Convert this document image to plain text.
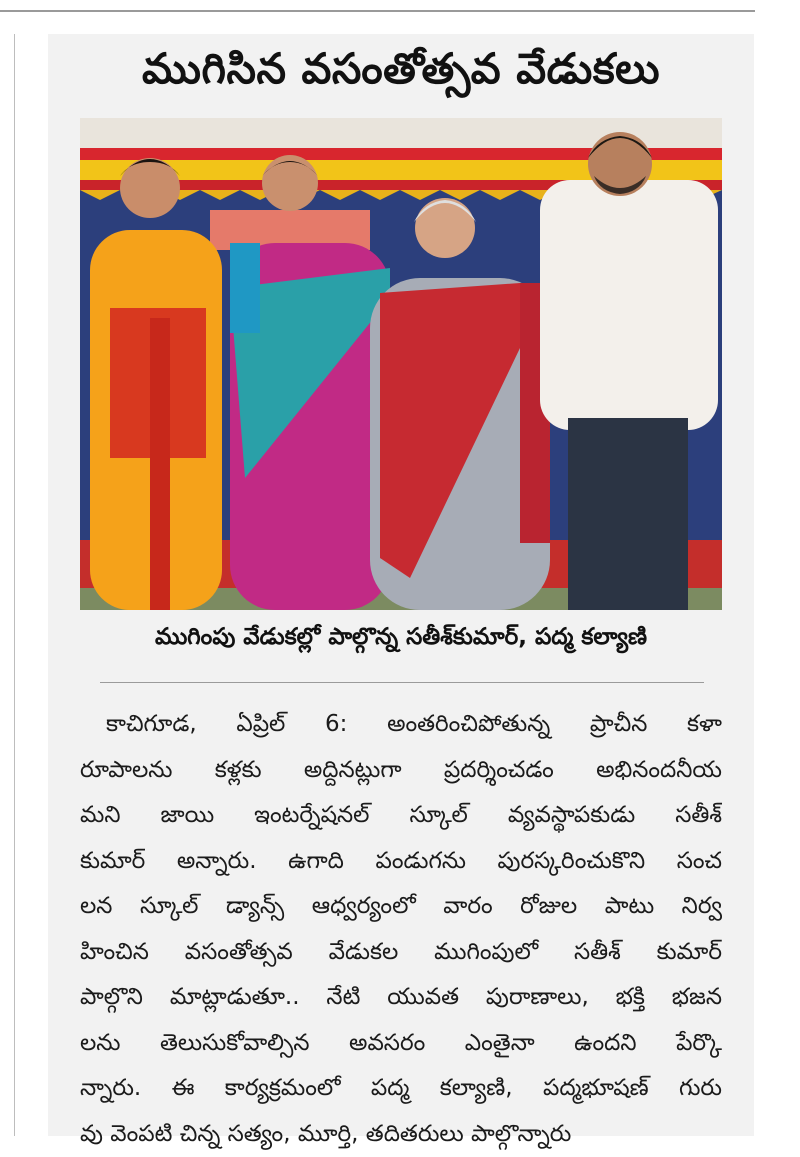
ముగిసిన వసంతోత్సవ వేడుకలు
ముగింపు వేడుకల్లో పాల్గొన్న సతీశ్‌కుమార్‌, పద్మ కల్యాణి
కాచిగూడ, ఏప్రిల్‌ 6: అంతరించిపోతున్న ప్రాచీన కళా
రూపాలను కళ్లకు అద్దినట్లుగా ప్రదర్శించడం అభినందనీయ
మని జాయి ఇంటర్నేషనల్‌ స్కూల్‌ వ్యవస్థాపకుడు సతీశ్‌
కుమార్‌ అన్నారు. ఉగాది పండుగను పురస్కరించుకొని సంచ
లన స్కూల్‌ డ్యాన్స్‌ ఆధ్వర్యంలో వారం రోజుల పాటు నిర్వ
హించిన వసంతోత్సవ వేడుకల ముగింపులో సతీశ్‌ కుమార్‌
పాల్గొని మాట్లాడుతూ.. నేటి యువత పురాణాలు, భక్తి భజన
లను తెలుసుకోవాల్సిన అవసరం ఎంతైనా ఉందని పేర్కొ
న్నారు. ఈ కార్యక్రమంలో పద్మ కల్యాణి, పద్మభూషణ్‌ గురు
వు వెంపటి చిన్న సత్యం, మూర్తి, తదితరులు పాల్గొన్నారు
